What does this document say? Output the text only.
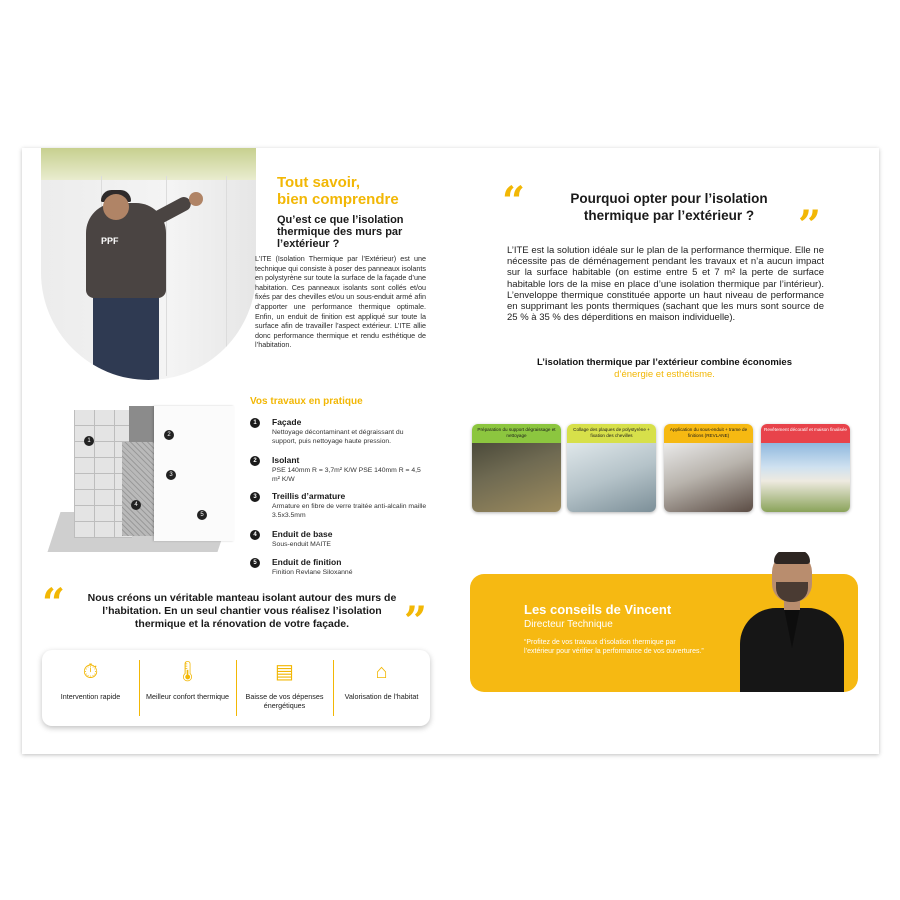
PPF
Tout savoir,
bien comprendre
Qu’est ce que l’isolation thermique des murs par l’extérieur ?
L’ITE (Isolation Thermique par l’Extérieur) est une technique qui consiste à poser des panneaux isolants en polystyrène sur toute la surface de la façade d’une habitation. Ces panneaux isolants sont collés et/ou fixés par des chevilles et/ou un sous-enduit armé afin d’apporter une performance thermique optimale. Enfin, un enduit de finition est appliqué sur toute la surface afin de travailler l’aspect extérieur. L’ITE allie donc performance thermique et rendu esthétique de l’habitation.
1
2
3
4
5
Vos travaux en pratique
1	Façade
Nettoyage décontaminant et dégraissant du support, puis nettoyage haute pression.
2	Isolant
PSE 140mm R = 3,7m² K/W PSE 140mm R = 4,5 m² K/W
3	Treillis d’armature
Armature en fibre de verre traitée anti-alcalin maille 3.5x3.5mm
4	Enduit de base
Sous-enduit MAITE
5	Enduit de finition
Finition Revlane Siloxanné
“	Nous créons un véritable manteau isolant autour des murs de l’habitation. En un seul chantier vous réalisez l’isolation thermique et la rénovation de votre façade.	”
⏱
Intervention rapide
🌡
Meilleur confort thermique
▤
Baisse de vos dépenses énergétiques
⌂
Valorisation de l’habitat
“	Pourquoi opter pour l’isolation thermique par l’extérieur ?	”
L’ITE est la solution idéale sur le plan de la performance thermique. Elle ne nécessite pas de déménagement pendant les travaux et n’a aucun impact sur la surface habitable (on estime entre 5 et 7 m² la perte de surface habitable lors de la mise en place d’une isolation thermique par l’intérieur). L’enveloppe thermique constituée apporte un haut niveau de performance en supprimant les ponts thermiques (sachant que les murs sont source de 25 % à 35 % des déperditions en maison individuelle).
L’isolation thermique par l’extérieur combine économies
d’énergie et esthétisme.
Préparation du support dégraissage et nettoyage
Collage des plaques de polystyrène + fixation des chevilles
Application du sous-enduit + trame de finitions (REVLANE)
Revêtement décoratif et maison finalisée
Les conseils de Vincent
Directeur Technique
“Profitez de vos travaux d’isolation thermique par l’extérieur pour vérifier la performance de vos ouvertures.”
